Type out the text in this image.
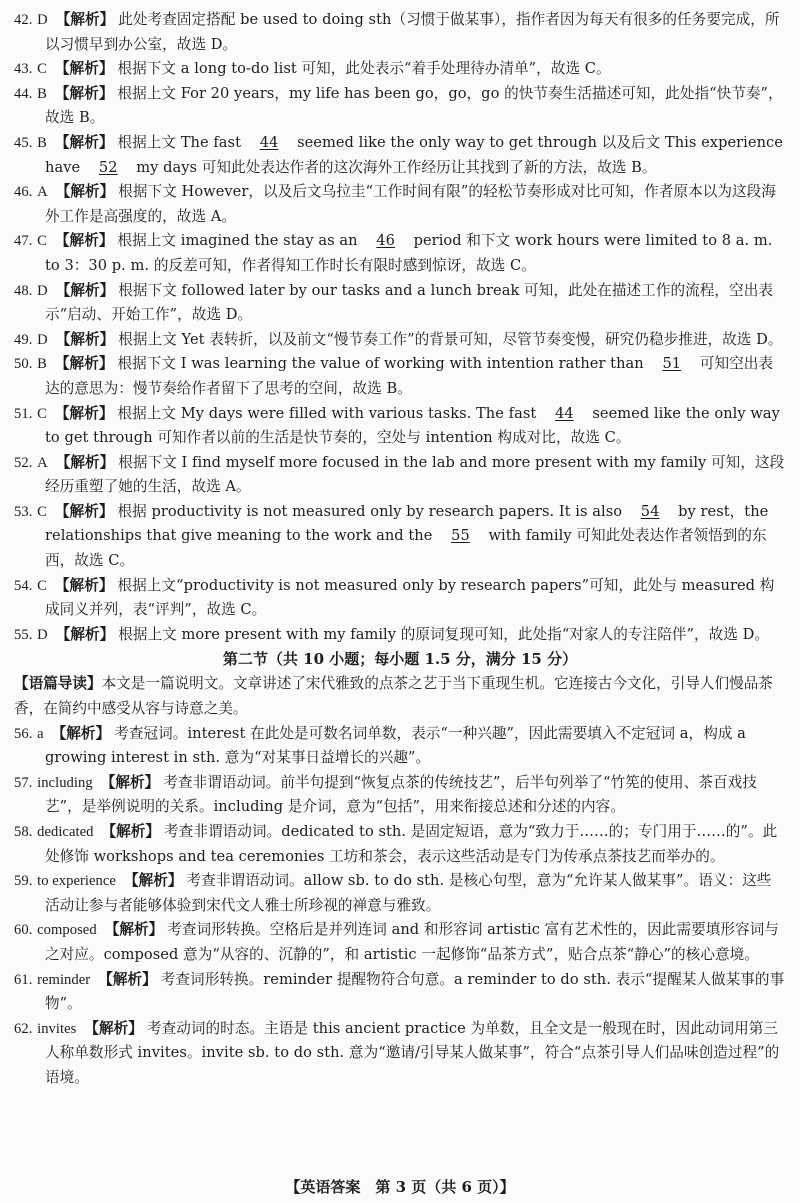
42. D 【解析】 此处考查固定搭配 be used to doing sth（习惯于做某事），指作者因为每天有很多的任务要完成，所以习惯早到办公室，故选 D。

43. C 【解析】 根据下文 a long to-do list 可知，此处表示“着手处理待办清单”，故选 C。

44. B 【解析】 根据上文 For 20 years，my life has been go，go，go 的快节奏生活描述可知，此处指“快节奏”，故选 B。

45. B 【解析】 根据上文 The fast 44 seemed like the only way to get through 以及后文 This experience have 52 my days 可知此处表达作者的这次海外工作经历让其找到了新的方法，故选 B。

46. A 【解析】 根据下文 However，以及后文乌拉圭“工作时间有限”的轻松节奏形成对比可知，作者原本以为这段海外工作是高强度的，故选 A。

47. C 【解析】 根据上文 imagined the stay as an 46 period 和下文 work hours were limited to 8 a. m. to 3：30 p. m. 的反差可知，作者得知工作时长有限时感到惊讶，故选 C。

48. D 【解析】 根据下文 followed later by our tasks and a lunch break 可知，此处在描述工作的流程，空出表示“启动、开始工作”，故选 D。

49. D 【解析】 根据上文 Yet 表转折，以及前文“慢节奏工作”的背景可知，尽管节奏变慢，研究仍稳步推进，故选 D。

50. B 【解析】 根据下文 I was learning the value of working with intention rather than 51 可知空出表达的意思为：慢节奏给作者留下了思考的空间，故选 B。

51. C 【解析】 根据上文 My days were filled with various tasks. The fast 44 seemed like the only way to get through 可知作者以前的生活是快节奏的，空处与 intention 构成对比，故选 C。

52. A 【解析】 根据下文 I find myself more focused in the lab and more present with my family 可知，这段经历重塑了她的生活，故选 A。

53. C 【解析】 根据 productivity is not measured only by research papers. It is also 54 by rest，the relationships that give meaning to the work and the 55 with family 可知此处表达作者领悟到的东西，故选 C。

54. C 【解析】 根据上文“productivity is not measured only by research papers”可知，此处与 measured 构成同义并列，表“评判”，故选 C。

55. D 【解析】 根据上文 more present with my family 的原词复现可知，此处指“对家人的专注陪伴”，故选 D。

第二节（共 10 小题；每小题 1.5 分，满分 15 分）

【语篇导读】本文是一篇说明文。文章讲述了宋代雅致的点茶之艺于当下重现生机。它连接古今文化，引导人们慢品茶香，在简约中感受从容与诗意之美。

56. a 【解析】 考查冠词。interest 在此处是可数名词单数，表示“一种兴趣”，因此需要填入不定冠词 a，构成 a growing interest in sth. 意为“对某事日益增长的兴趣”。

57. including 【解析】 考查非谓语动词。前半句提到“恢复点茶的传统技艺”，后半句列举了“竹筅的使用、茶百戏技艺”，是举例说明的关系。including 是介词，意为“包括”，用来衔接总述和分述的内容。

58. dedicated 【解析】 考查非谓语动词。dedicated to sth. 是固定短语，意为“致力于……的；专门用于……的”。此处修饰 workshops and tea ceremonies 工坊和茶会，表示这些活动是专门为传承点茶技艺而举办的。

59. to experience 【解析】 考查非谓语动词。allow sb. to do sth. 是核心句型，意为“允许某人做某事”。语义：这些活动让参与者能够体验到宋代文人雅士所珍视的禅意与雅致。

60. composed 【解析】 考查词形转换。空格后是并列连词 and 和形容词 artistic 富有艺术性的，因此需要填形容词与之对应。composed 意为“从容的、沉静的”，和 artistic 一起修饰“品茶方式”，贴合点茶“静心”的核心意境。

61. reminder 【解析】 考查词形转换。reminder 提醒物符合句意。a reminder to do sth. 表示“提醒某人做某事的事物”。

62. invites 【解析】 考查动词的时态。主语是 this ancient practice 为单数，且全文是一般现在时，因此动词用第三人称单数形式 invites。invite sb. to do sth. 意为“邀请/引导某人做某事”，符合“点茶引导人们品味创造过程”的语境。

【英语答案　第 3 页（共 6 页）】
